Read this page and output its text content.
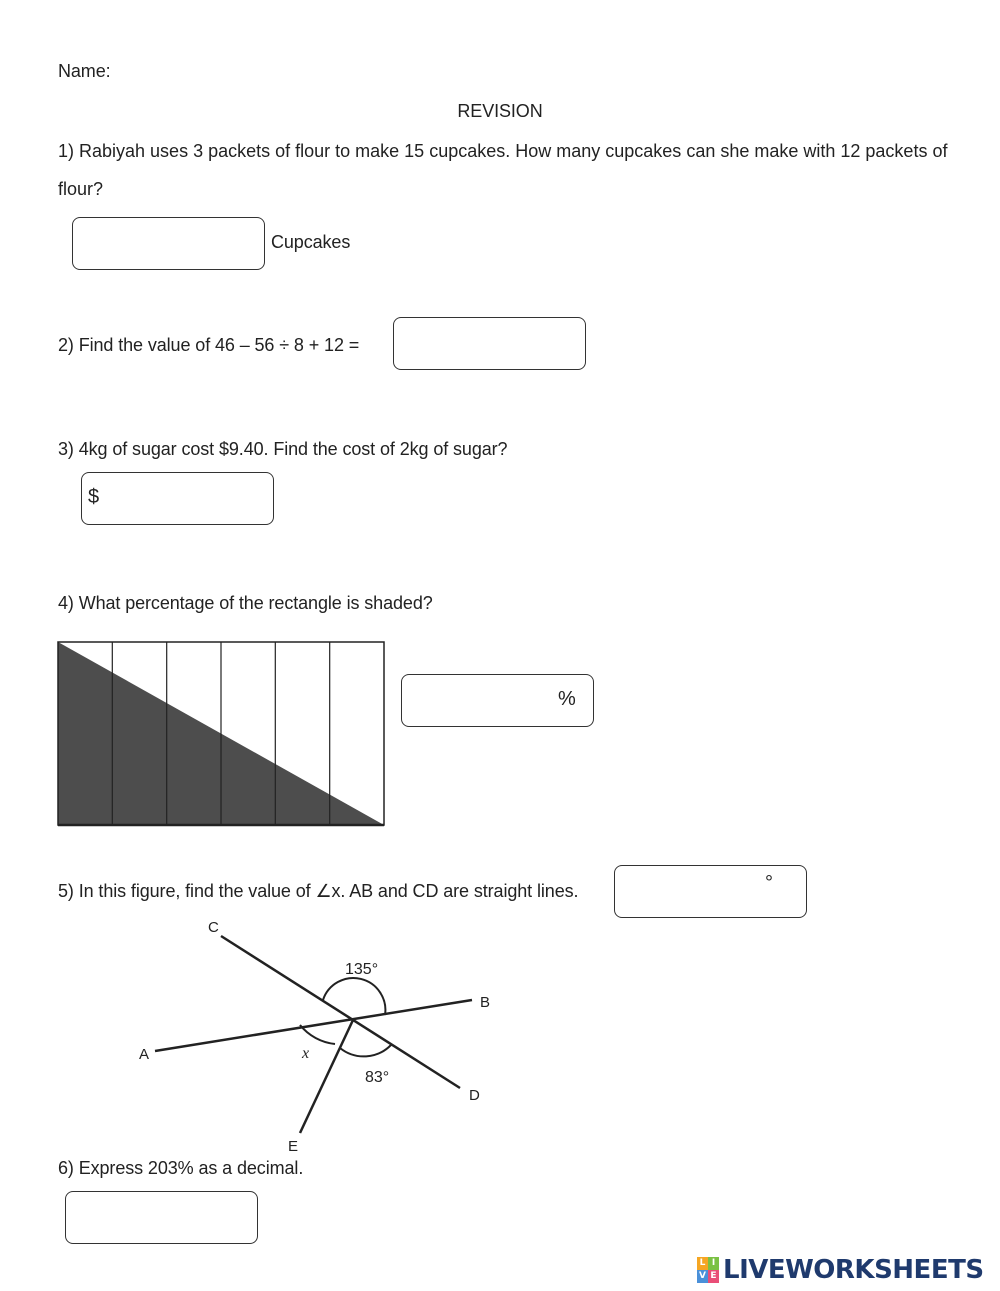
Name:
REVISION
1) Rabiyah uses 3 packets of flour to make 15 cupcakes. How many cupcakes can she make with 12 packets of flour?
Cupcakes
2) Find the value of 46 – 56 ÷ 8 + 12 =
3) 4kg of sugar cost $9.40. Find the cost of 2kg of sugar?
$
4) What percentage of the rectangle is shaded?
%
5) In this figure, find the value of ∠x. AB and CD are straight lines.	°
C
B
A
D
E
135°
83°
x
6) Express 203% as a decimal.
L I
V E LIVEWORKSHEETS
